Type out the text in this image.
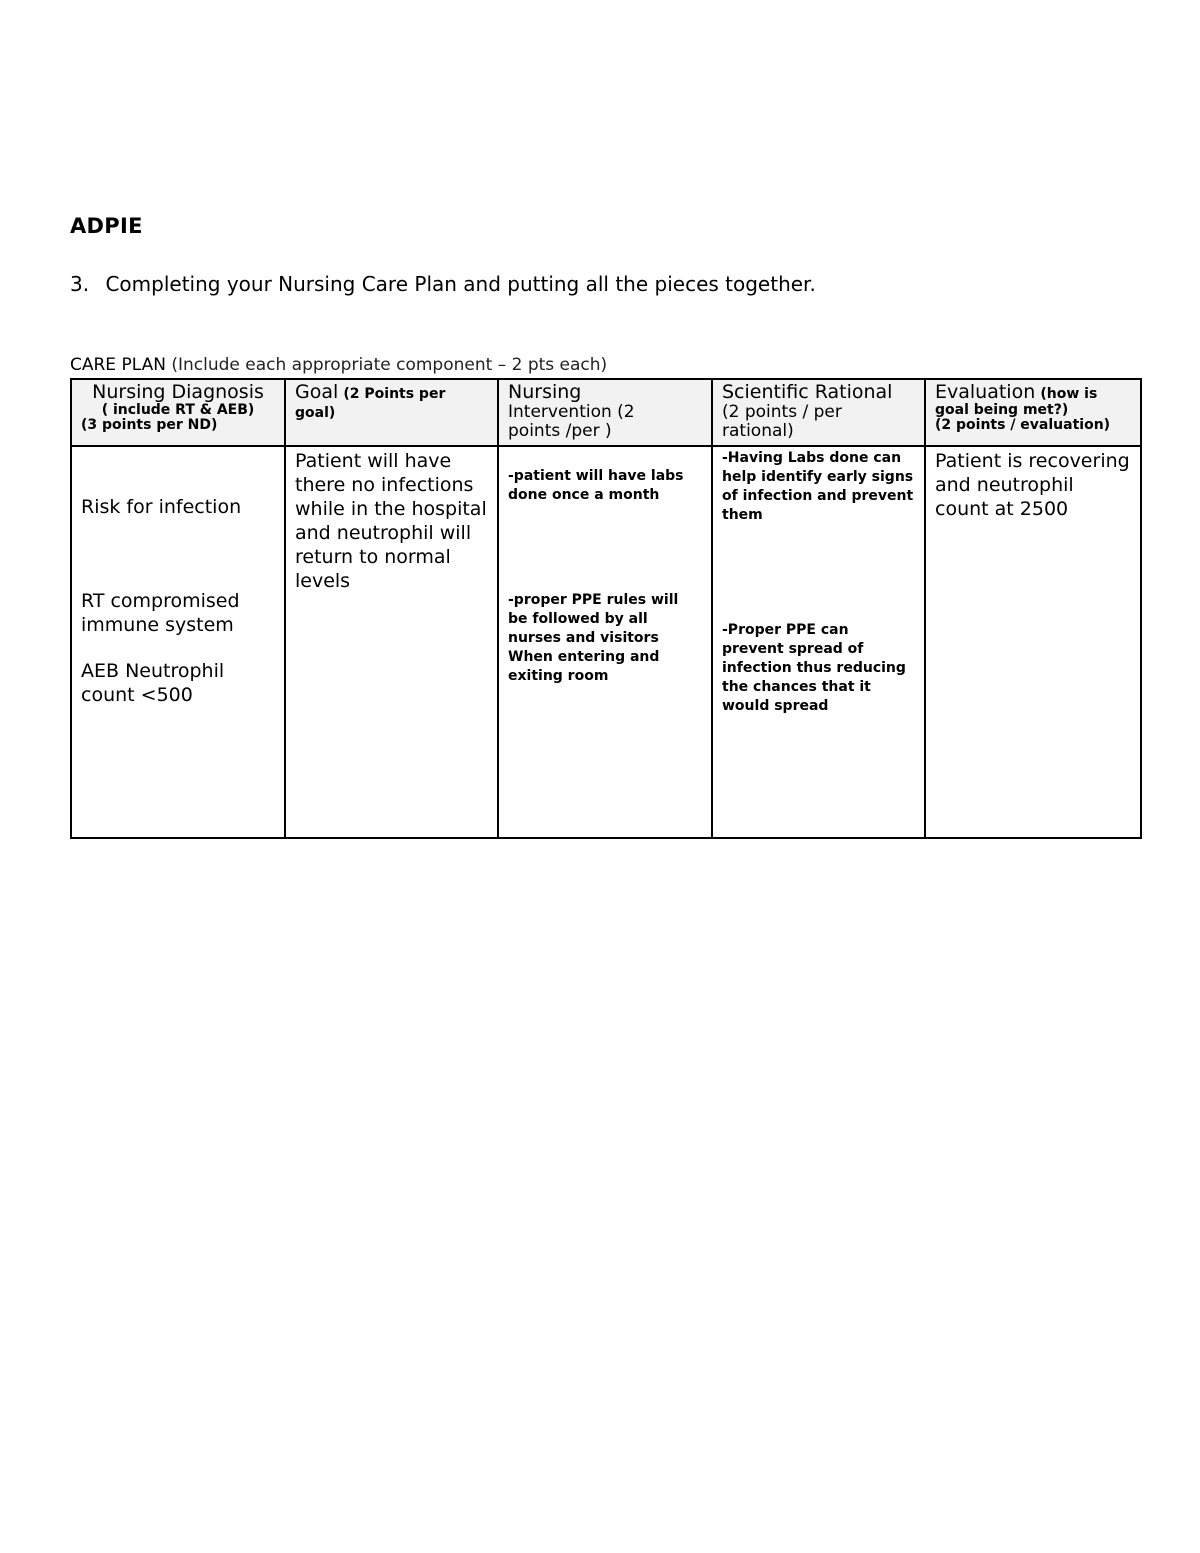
ADPIE
3. Completing your Nursing Care Plan and putting all the pieces together.
CARE PLAN (Include each appropriate component – 2 pts each)
Nursing Diagnosis
( include RT & AEB)
(3 points per ND)	Goal (2 Points per goal)	Nursing
Intervention (2
points /per )	Scientific Rational
(2 points / per
rational)	Evaluation (how is
goal being met?)
(2 points / evaluation)

Risk for infection
RT compromised immune system
AEB Neutrophil count <500	Patient will have there no infections while in the hospital and neutrophil will return to normal levels	-patient will have labs done once a month
-proper PPE rules will be followed by all nurses and visitors When entering and exiting room	-Having Labs done can help identify early signs of infection and prevent them
-Proper PPE can prevent spread of infection thus reducing the chances that it would spread	Patient is recovering and neutrophil count at 2500
